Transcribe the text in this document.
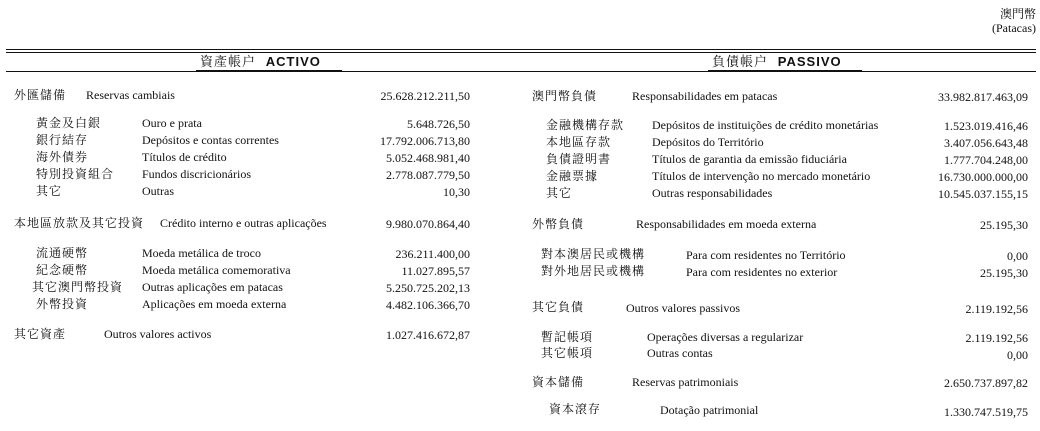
澳門幣
(Patacas)
資產帳户 ACTIVO	負債帳户 PASSIVO
外匯儲備 Reservas cambiais	25.628.212.211,50
黃金及白銀	Ouro e prata	5.648.726,50
銀行結存	Depósitos e contas correntes	17.792.006.713,80
海外債券	Títulos de crédito	5.052.468.981,40
特別投資組合 Fundos discricionários	2.778.087.779,50
其它	Outras	10,30
本地區放款及其它投資 Crédito interno e outras aplicações	9.980.070.864,40
流通硬幣	Moeda metálica de troco	236.211.400,00
紀念硬幣	Moeda metálica comemorativa	11.027.895,57
其它澳門幣投資 Outras aplicações em patacas	5.250.725.202,13
外幣投資	Aplicações em moeda externa	4.482.106.366,70
其它資產	Outros valores activos	1.027.416.672,87
澳門幣負債	Responsabilidades em patacas	33.982.817.463,09
金融機構存款 Depósitos de instituições de crédito monetárias	1.523.019.416,46
本地區存款	Depósitos do Território	3.407.056.643,48
負債證明書	Títulos de garantia da emissão fiduciária	1.777.704.248,00
金融票據	Títulos de intervenção no mercado monetário	16.730.000.000,00
其它	Outras responsabilidades	10.545.037.155,15
外幣負債	Responsabilidades em moeda externa	25.195,30
對本澳居民或機構	Para com residentes no Território	0,00
對外地居民或機構	Para com residentes no exterior	25.195,30
其它負債	Outros valores passivos	2.119.192,56
暫記帳項	Operações diversas a regularizar	2.119.192,56
其它帳項	Outras contas	0,00
資本儲備	Reservas patrimoniais	2.650.737.897,82
資本滾存	Dotação patrimonial	1.330.747.519,75
